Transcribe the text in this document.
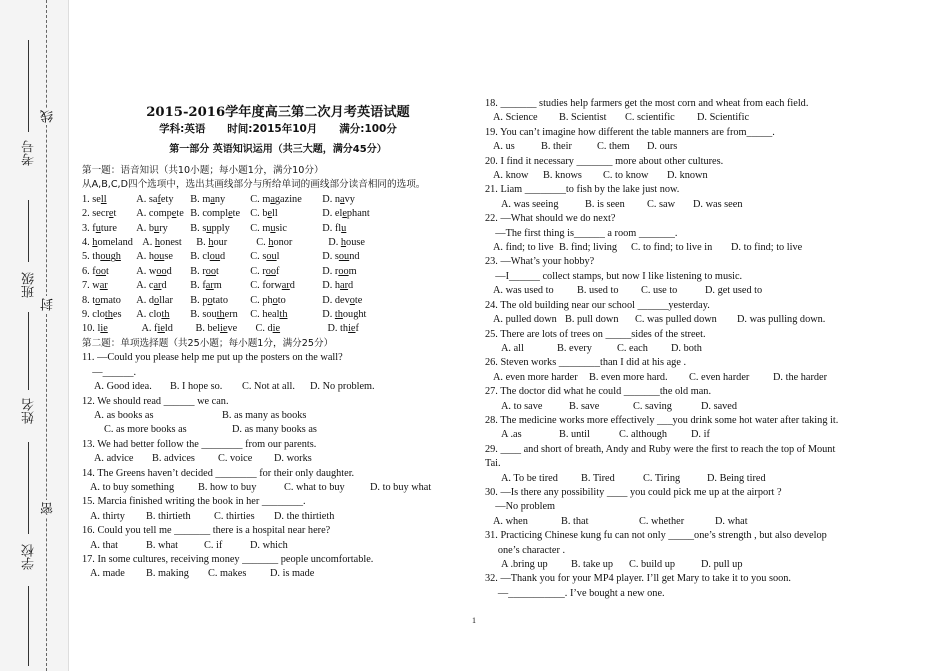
考号
班级
姓名
学校
线
封
密
2015-2016学年度高三第二次月考英语试题
学科:英语      时间:2015年10月      满分:100分
第一部分 英语知识运用（共三大题，满分45分）
第一题：语音知识（共10小题；每小题1分，满分10分）
从A,B,C,D四个选项中，选出其画线部分与所给单词的画线部分读音相同的选项。
1. sell	A. safety B. many C. magazine D. navy
2. secret A. compete B. complete C. bell	D. elephant
3. future A. bury B. supply C. music	D. flu
4. homeland A. honest B. hour	C. honor	D. house
5. though A. house B. cloud C. soul	D. sound
6. foot	A. wood B. root	C. roof	D. room
7. war	A. card B. farm	C. forward	D. hard
8. tomato A. dollar B. potato C. photo	D. devote
9. clothes A. cloth B. southern C. health	D. thought
10. lie	A. field B. believe C. die	D. thief
第二题：单项选择题（共25小题；每小题1分，满分25分）
11. —Could you please help me put up the posters on the wall?
—______.
A. Good idea.	B. I hope so.	C. Not at all.	D. No problem.
12. We should read ______ we can.
A. as books as	B. as many as books
C. as more books as	D. as many books as
13. We had better follow the ________ from our parents.
A. advice	B. advices	C. voice	D. works
14. The Greens haven’t decided ________ for their only daughter.
A. to buy something	B. how to buy	C. what to buy	D. to buy what
15. Marcia finished writing the book in her ________.
A. thirty	B. thirtieth	C. thirties	D. the thirtieth
16. Could you tell me _______ there is a hospital near here?
A. that	B. what	C. if	D. which
17. In some cultures, receiving money _______ people uncomfortable.
A. made	B. making	C. makes	D. is made
18. _______ studies help farmers get the most corn and wheat from each field.
A. Science	B. Scientist	C. scientific	D. Scientific
19. You can’t imagine how different the table manners are from_____.
A. us	B. their	C. them	D. ours
20. I find it necessary _______ more about other cultures.
A. know	B. knows	C. to know	D. known
21. Liam ________to fish by the lake just now.
A. was seeing	B. is seen	C. saw	D. was seen
22. —What should we do next?
—The first thing is______ a room _______.
A. find; to live B. find; living	C. to find; to live in	D. to find; to live
23. —What’s your hobby?
—I______ collect stamps, but now I like listening to music.
A. was used to	B. used to	C. use to	D. get used to
24. The old building near our school ______yesterday.
A. pulled down B. pull down	C. was pulled down	D. was pulling down.
25. There are lots of trees on _____sides of the street.
A. all	B. every	C. each	D. both
26. Steven works ________than I did at his age .
A. even more harder	B. even more hard.	C. even harder	D. the harder
27. The doctor did what he could _______the old man.
A. to save	B. save	C. saving	D. saved
28. The medicine works more effectively ___you drink some hot water after taking it.
A .as	B. until	C. although	D. if
29. ____ and short of breath, Andy and Ruby were the first to reach the top of Mount
Tai.
A. To be tired	B. Tired	C. Tiring	D. Being tired
30. —Is there any possibility ____ you could pick me up at the airport ?
—No problem
A. when	B. that	C. whether	D. what
31. Practicing Chinese kung fu can not only _____one’s strength , but also develop
one’s character .
A .bring up	B. take up	C. build up	D. pull up
32. —Thank you for your MP4 player. I’ll get Mary to take it to you soon.
—___________. I’ve bought a new one.
1
